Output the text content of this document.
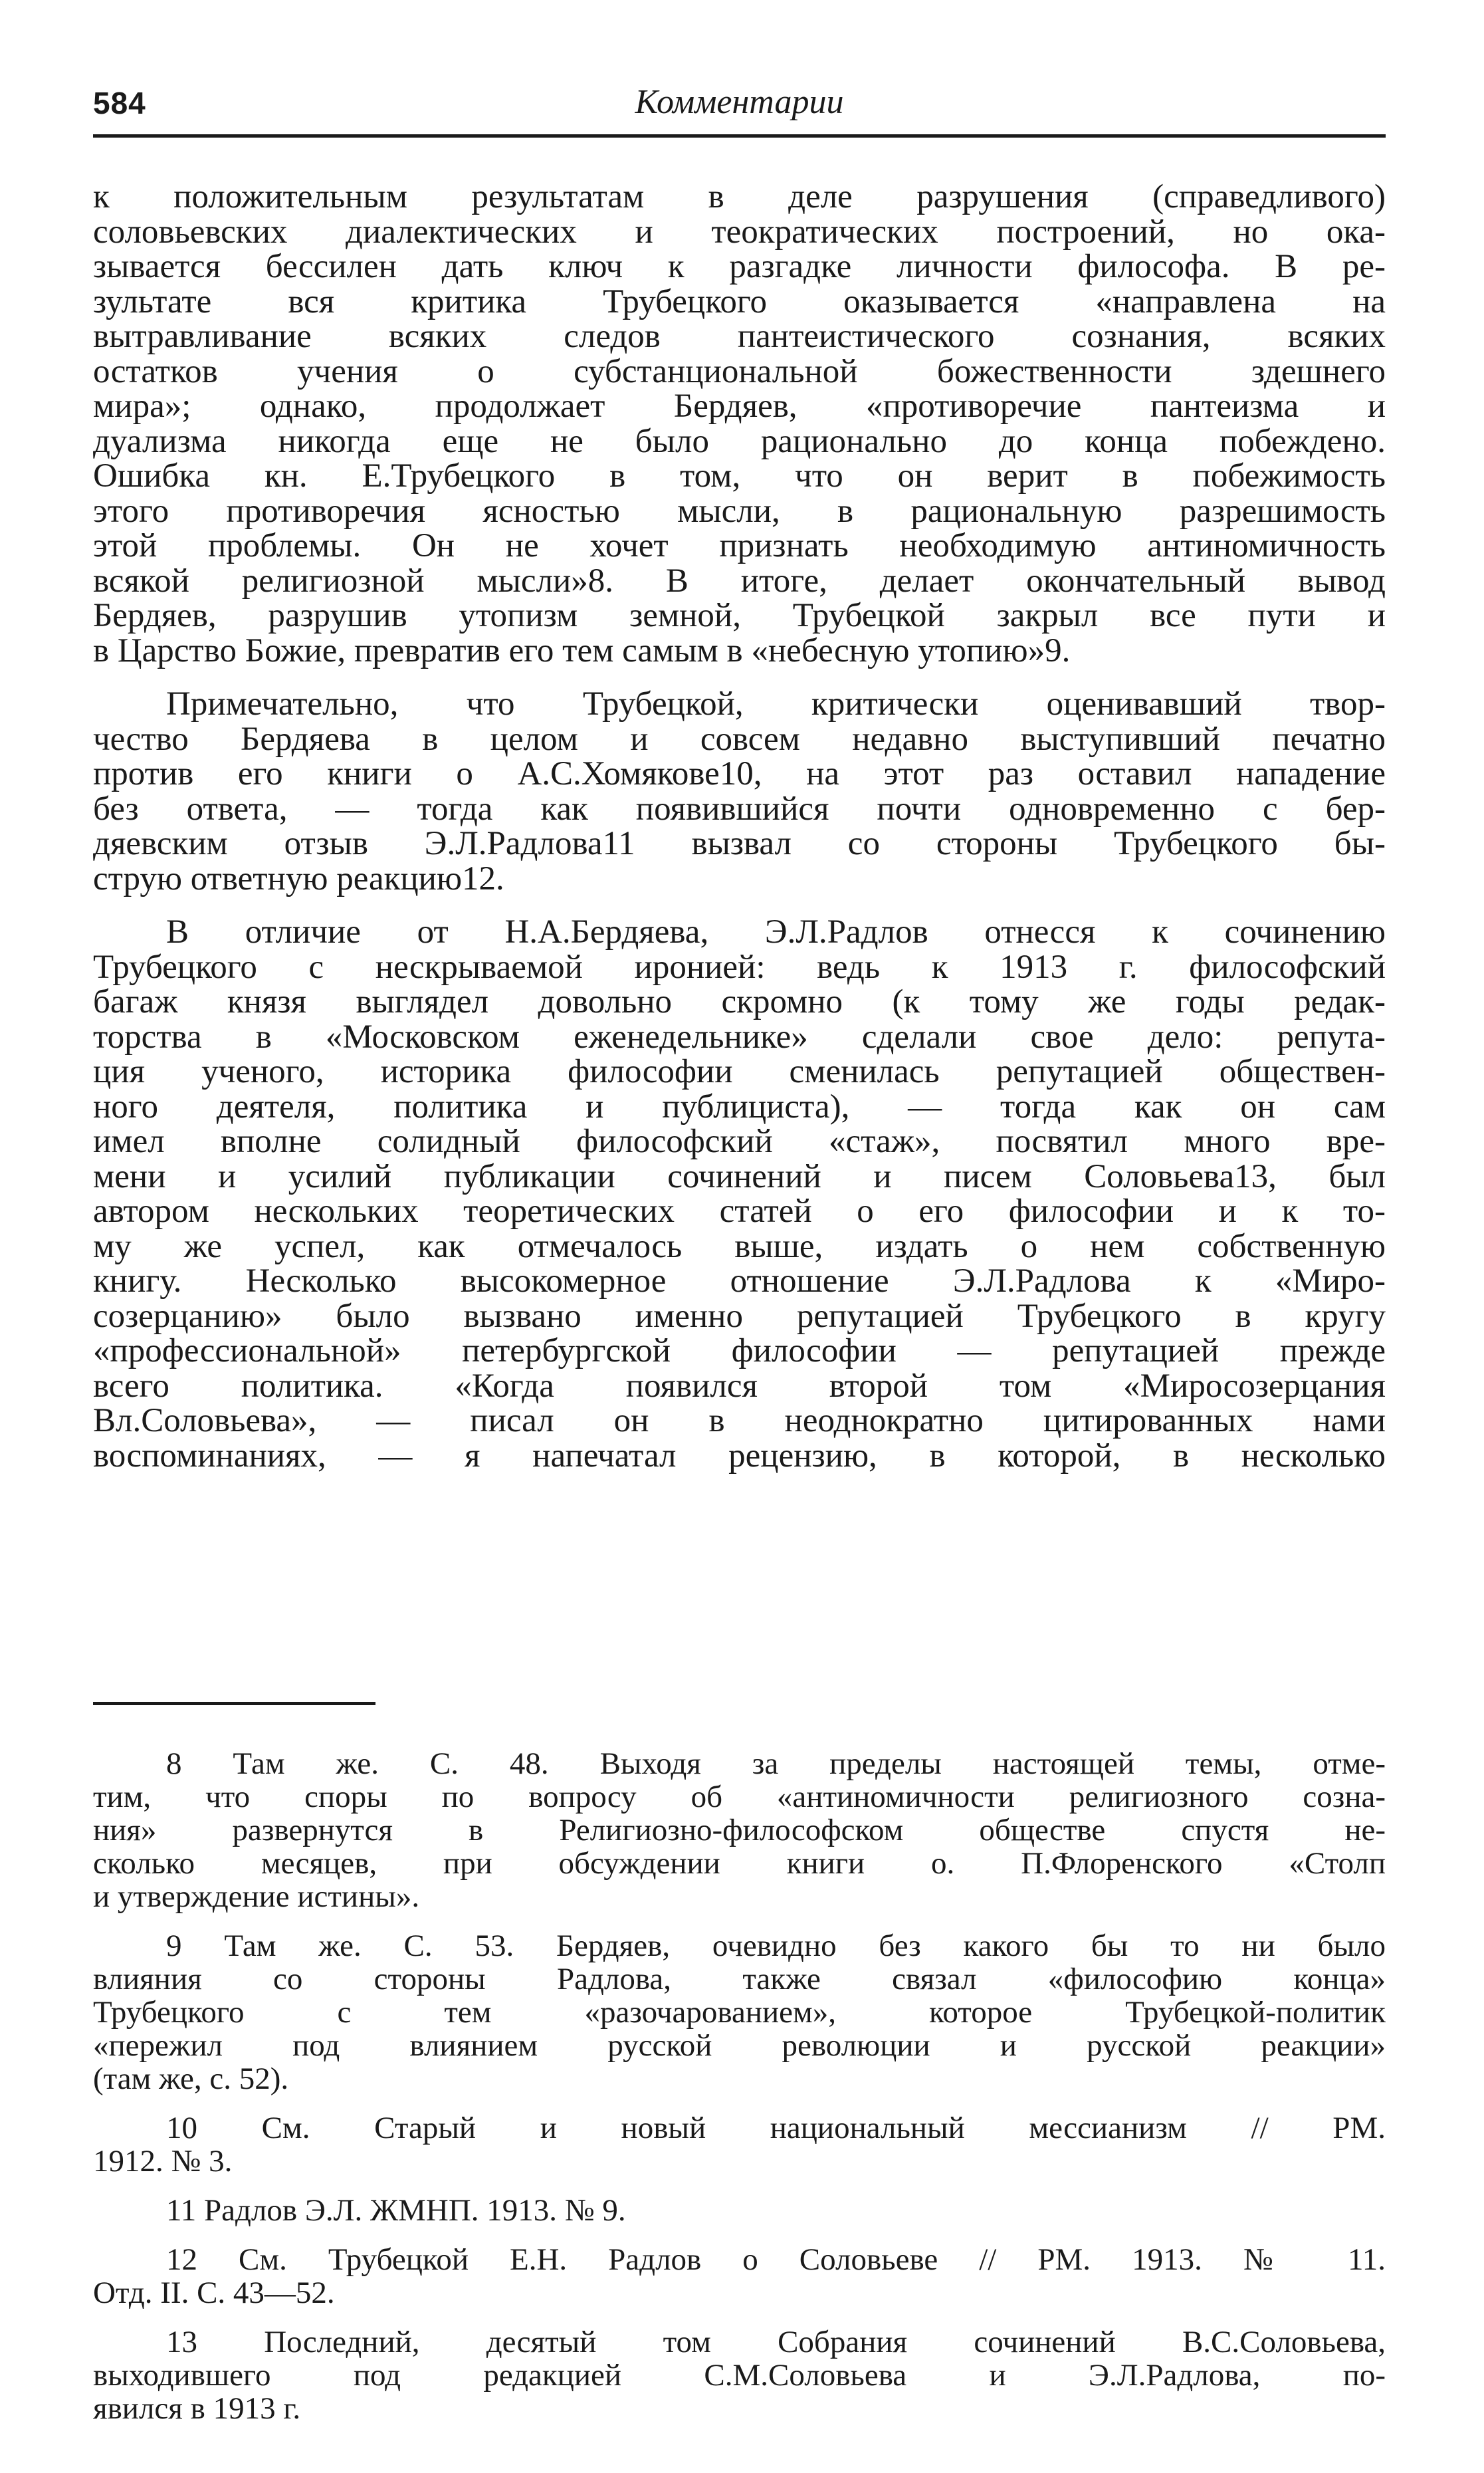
584	Комментарии

к положительным результатам в деле разрушения (справедливого)
соловьевских диалектических и теократических построений, но ока-
зывается бессилен дать ключ к разгадке личности философа. В ре-
зультате вся критика Трубецкого оказывается «направлена на
вытравливание всяких следов пантеистического сознания, всяких
остатков учения о субстанциональной божественности здешнего
мира»; однако, продолжает Бердяев, «противоречие пантеизма и
дуализма никогда еще не было рационально до конца побеждено.
Ошибка кн. Е.Трубецкого в том, что он верит в побежимость
этого противоречия ясностью мысли, в рациональную разрешимость
этой проблемы. Он не хочет признать необходимую антиномичность
всякой религиозной мысли»8. В итоге, делает окончательный вывод
Бердяев, разрушив утопизм земной, Трубецкой закрыл все пути и
в Царство Божие, превратив его тем самым в «небесную утопию»9.

Примечательно, что Трубецкой, критически оценивавший твор-
чество Бердяева в целом и совсем недавно выступивший печатно
против его книги о А.С.Хомякове10, на этот раз оставил нападение
без ответа, — тогда как появившийся почти одновременно с бер-
дяевским отзыв Э.Л.Радлова11 вызвал со стороны Трубецкого бы-
струю ответную реакцию12.

В отличие от Н.А.Бердяева, Э.Л.Радлов отнесся к сочинению
Трубецкого с нескрываемой иронией: ведь к 1913 г. философский
багаж князя выглядел довольно скромно (к тому же годы редак-
торства в «Московском еженедельнике» сделали свое дело: репута-
ция ученого, историка философии сменилась репутацией обществен-
ного деятеля, политика и публициста), — тогда как он сам
имел вполне солидный философский «стаж», посвятил много вре-
мени и усилий публикации сочинений и писем Соловьева13, был
автором нескольких теоретических статей о его философии и к то-
му же успел, как отмечалось выше, издать о нем собственную
книгу. Несколько высокомерное отношение Э.Л.Радлова к «Миро-
созерцанию» было вызвано именно репутацией Трубецкого в кругу
«профессиональной» петербургской философии — репутацией прежде
всего политика. «Когда появился второй том «Миросозерцания
Вл.Соловьева», — писал он в неоднократно цитированных нами
воспоминаниях, — я напечатал рецензию, в которой, в несколько

8 Там же. С. 48. Выходя за пределы настоящей темы, отме-
тим, что споры по вопросу об «антиномичности религиозного созна-
ния» развернутся в Религиозно-философском обществе спустя не-
сколько месяцев, при обсуждении книги о. П.Флоренского «Столп
и утверждение истины».
9 Там же. С. 53. Бердяев, очевидно без какого бы то ни было
влияния со стороны Радлова, также связал «философию конца»
Трубецкого с тем «разочарованием», которое Трубецкой-политик
«пережил под влиянием русской революции и русской реакции»
(там же, с. 52).
10 См. Старый и новый национальный мессианизм // РМ.
1912. № 3.
11 Радлов Э.Л. ЖМНП. 1913. № 9.
12 См. Трубецкой Е.Н. Радлов о Соловьеве // РМ. 1913. № 11.
Отд. II. С. 43—52.
13 Последний, десятый том Собрания сочинений В.С.Соловьева,
выходившего под редакцией С.М.Соловьева и Э.Л.Радлова, по-
явился в 1913 г.
